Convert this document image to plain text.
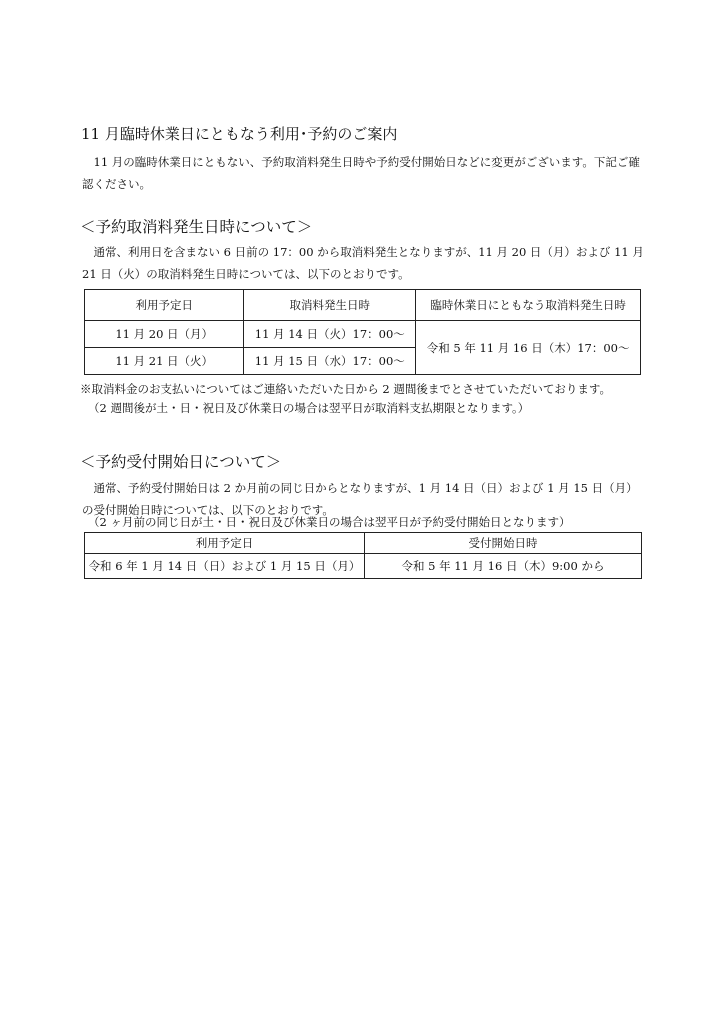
11 月臨時休業日にともなう利用･予約のご案内
　11 月の臨時休業日にともない、予約取消料発生日時や予約受付開始日などに変更がございます。下記ご確認ください。
＜予約取消料発生日時について＞
　通常、利用日を含まない 6 日前の 17：00 から取消料発生となりますが、11 月 20 日（月）および 11 月 21 日（火）の取消料発生日時については、以下のとおりです。
利用予定日	取消料発生日時	臨時休業日にともなう取消料発生日時
11 月 20 日（月）	11 月 14 日（火）17：00～	令和 5 年 11 月 16 日（木）17：00～
11 月 21 日（火）	11 月 15 日（水）17：00～	
※取消料金のお支払いについてはご連絡いただいた日から 2 週間後までとさせていただいております。
（2 週間後が土・日・祝日及び休業日の場合は翌平日が取消料支払期限となります。）
＜予約受付開始日について＞
　通常、予約受付開始日は 2 か月前の同じ日からとなりますが、1 月 14 日（日）および 1 月 15 日（月）の受付開始日時については、以下のとおりです。
（2 ヶ月前の同じ日が土・日・祝日及び休業日の場合は翌平日が予約受付開始日となります）
利用予定日	受付開始日時
令和 6 年 1 月 14 日（日）および 1 月 15 日（月）	令和 5 年 11 月 16 日（木）9:00 から
